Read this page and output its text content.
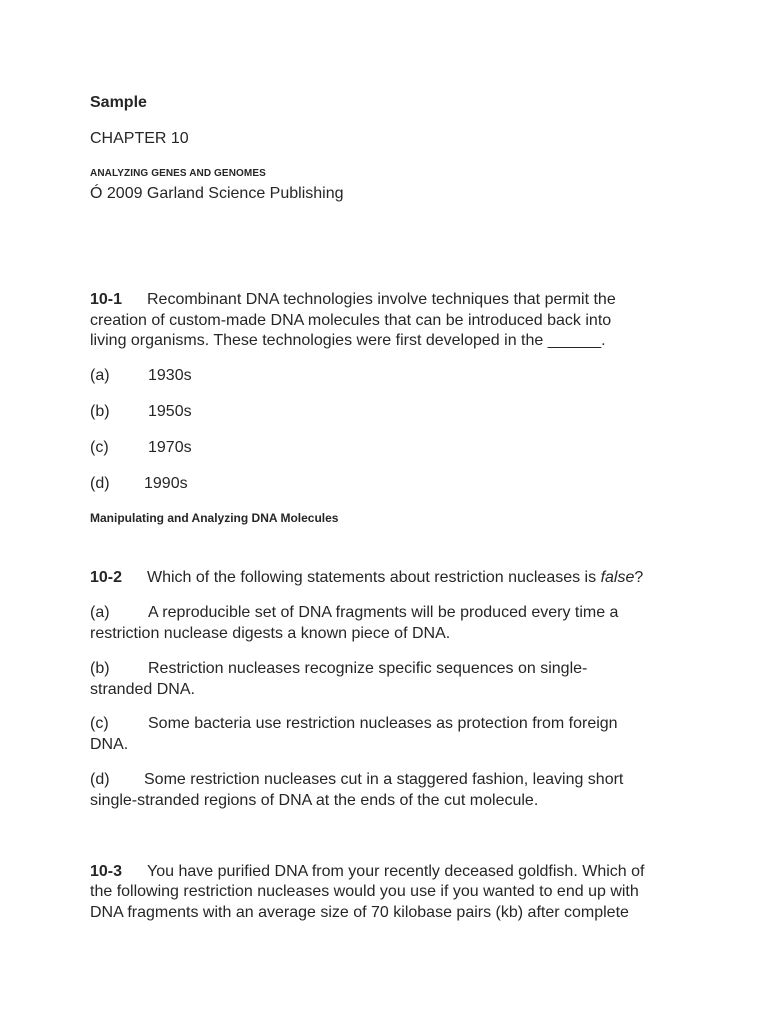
Sample
CHAPTER 10
ANALYZING GENES AND GENOMES
Ó 2009 Garland Science Publishing
10-1 Recombinant DNA technologies involve techniques that permit the
creation of custom-made DNA molecules that can be introduced back into
living organisms. These technologies were first developed in the ______.
(a) 1930s
(b) 1950s
(c) 1970s
(d) 1990s
Manipulating and Analyzing DNA Molecules
10-2 Which of the following statements about restriction nucleases is false?
(a) A reproducible set of DNA fragments will be produced every time a
restriction nuclease digests a known piece of DNA.
(b) Restriction nucleases recognize specific sequences on single-
stranded DNA.
(c) Some bacteria use restriction nucleases as protection from foreign
DNA.
(d) Some restriction nucleases cut in a staggered fashion, leaving short
single-stranded regions of DNA at the ends of the cut molecule.
10-3 You have purified DNA from your recently deceased goldfish. Which of
the following restriction nucleases would you use if you wanted to end up with
DNA fragments with an average size of 70 kilobase pairs (kb) after complete
